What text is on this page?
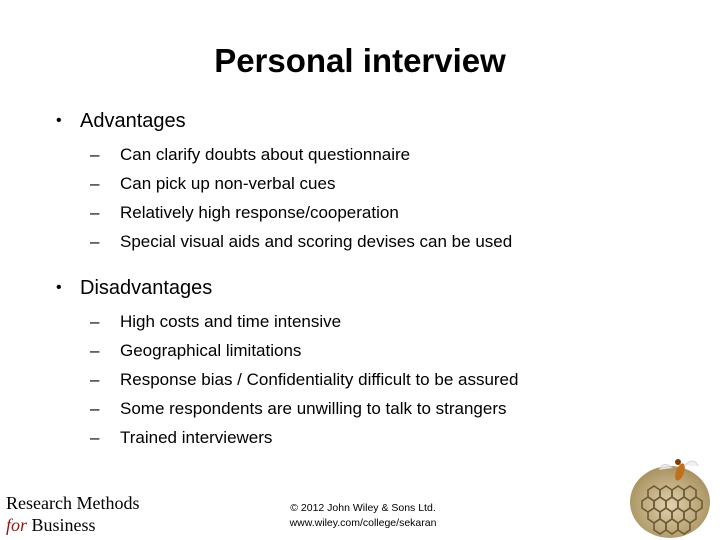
Personal interview
• Advantages
–	Can clarify doubts about questionnaire
–	Can pick up non-verbal cues
–	Relatively high response/cooperation
–	Special visual aids and scoring devises can be used
• Disadvantages
–	High costs and time intensive
–	Geographical limitations
–	Response bias / Confidentiality difficult to be assured
–	Some respondents are unwilling to talk to strangers
–	Trained interviewers
Research Methods
for Business
© 2012 John Wiley & Sons Ltd.
www.wiley.com/college/sekaran
